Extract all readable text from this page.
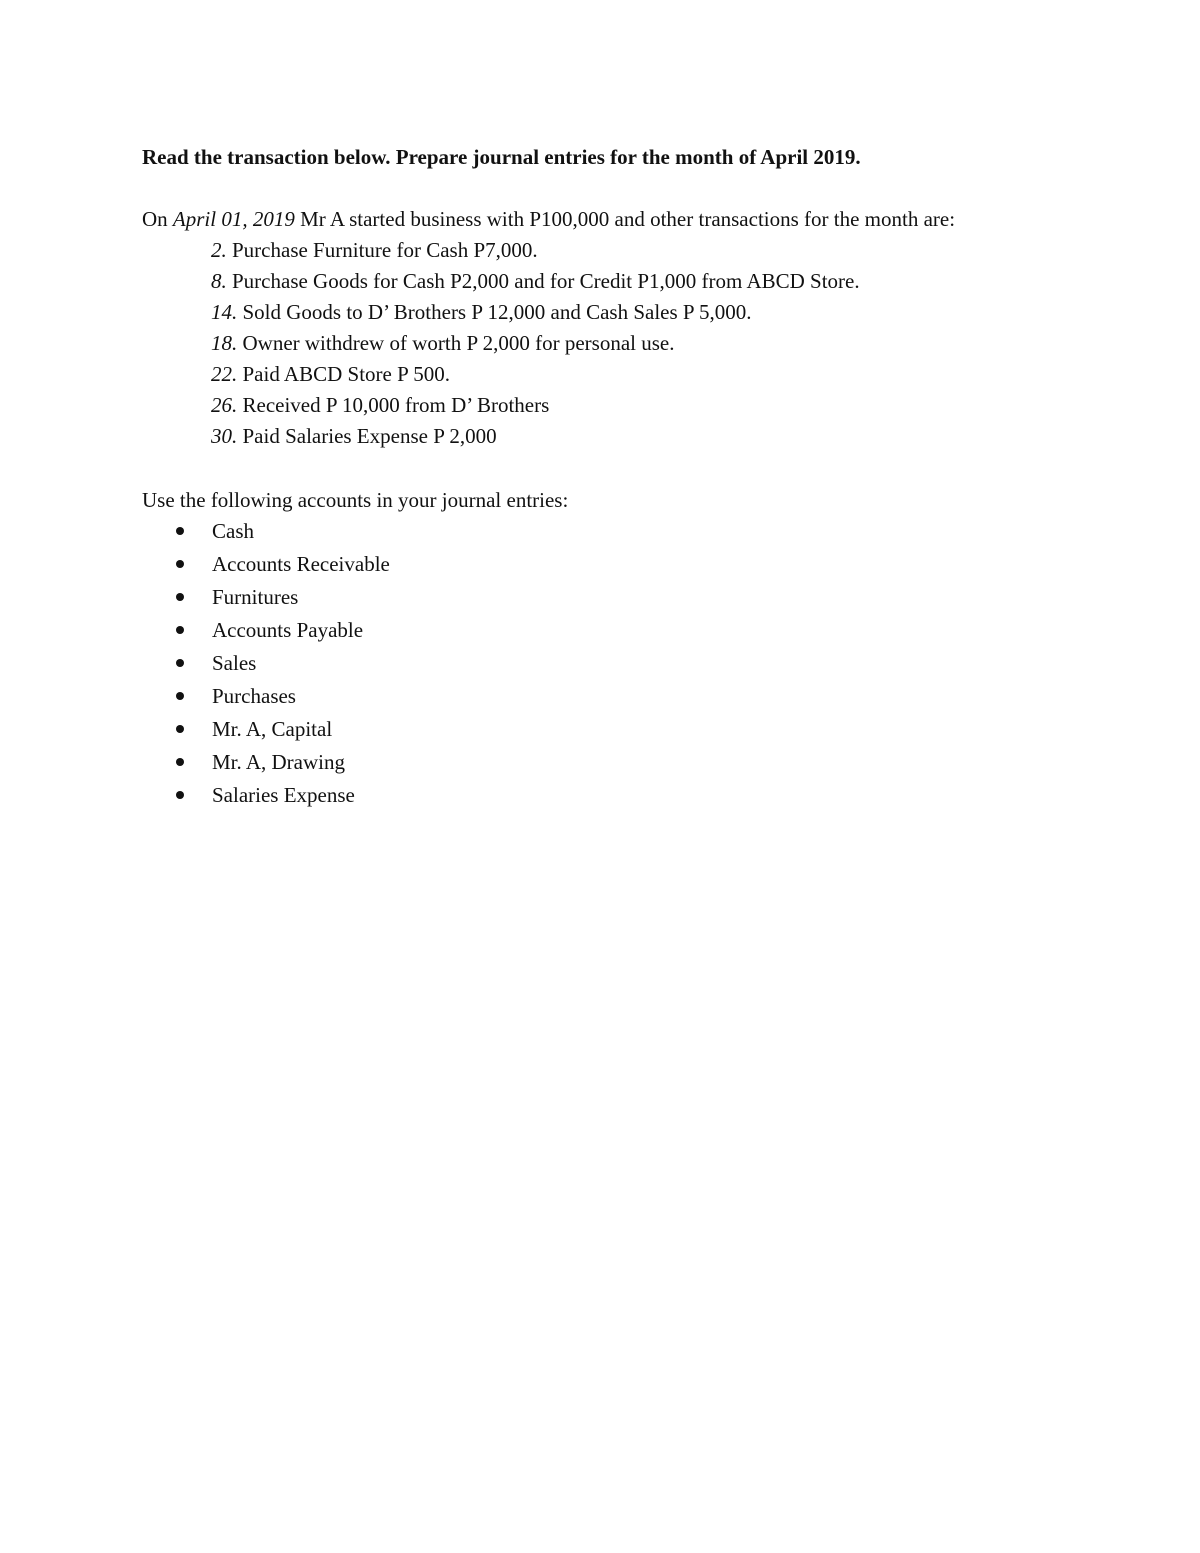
Read the transaction below. Prepare journal entries for the month of April 2019.
On April 01, 2019 Mr A started business with P100,000 and other transactions for the month are:
2. Purchase Furniture for Cash P7,000.
8. Purchase Goods for Cash P2,000 and for Credit P1,000 from ABCD Store.
14. Sold Goods to D’ Brothers P 12,000 and Cash Sales P 5,000.
18. Owner withdrew of worth P 2,000 for personal use.
22. Paid ABCD Store P 500.
26. Received P 10,000 from D’ Brothers
30. Paid Salaries Expense P 2,000
Use the following accounts in your journal entries:
Cash
Accounts Receivable
Furnitures
Accounts Payable
Sales
Purchases
Mr. A, Capital
Mr. A, Drawing
Salaries Expense
